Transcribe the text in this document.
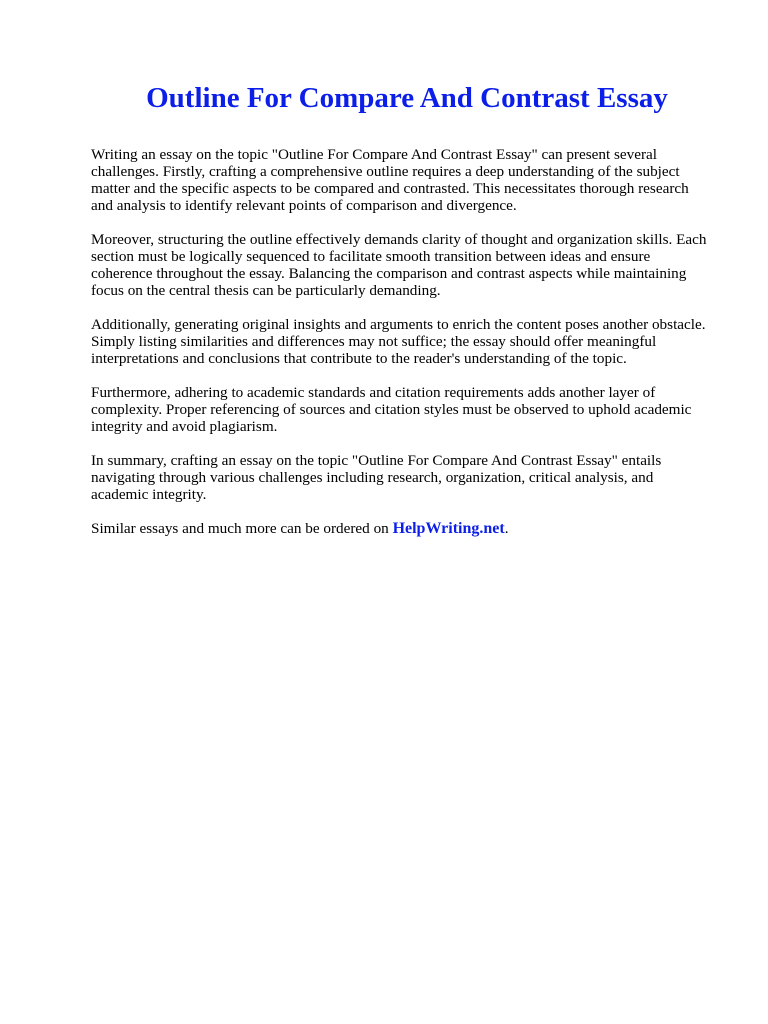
Outline For Compare And Contrast Essay

Writing an essay on the topic "Outline For Compare And Contrast Essay" can present several
challenges. Firstly, crafting a comprehensive outline requires a deep understanding of the subject
matter and the specific aspects to be compared and contrasted. This necessitates thorough research
and analysis to identify relevant points of comparison and divergence.

Moreover, structuring the outline effectively demands clarity of thought and organization skills. Each
section must be logically sequenced to facilitate smooth transition between ideas and ensure
coherence throughout the essay. Balancing the comparison and contrast aspects while maintaining
focus on the central thesis can be particularly demanding.

Additionally, generating original insights and arguments to enrich the content poses another obstacle.
Simply listing similarities and differences may not suffice; the essay should offer meaningful
interpretations and conclusions that contribute to the reader's understanding of the topic.

Furthermore, adhering to academic standards and citation requirements adds another layer of
complexity. Proper referencing of sources and citation styles must be observed to uphold academic
integrity and avoid plagiarism.

In summary, crafting an essay on the topic "Outline For Compare And Contrast Essay" entails
navigating through various challenges including research, organization, critical analysis, and
academic integrity.

Similar essays and much more can be ordered on HelpWriting.net.
